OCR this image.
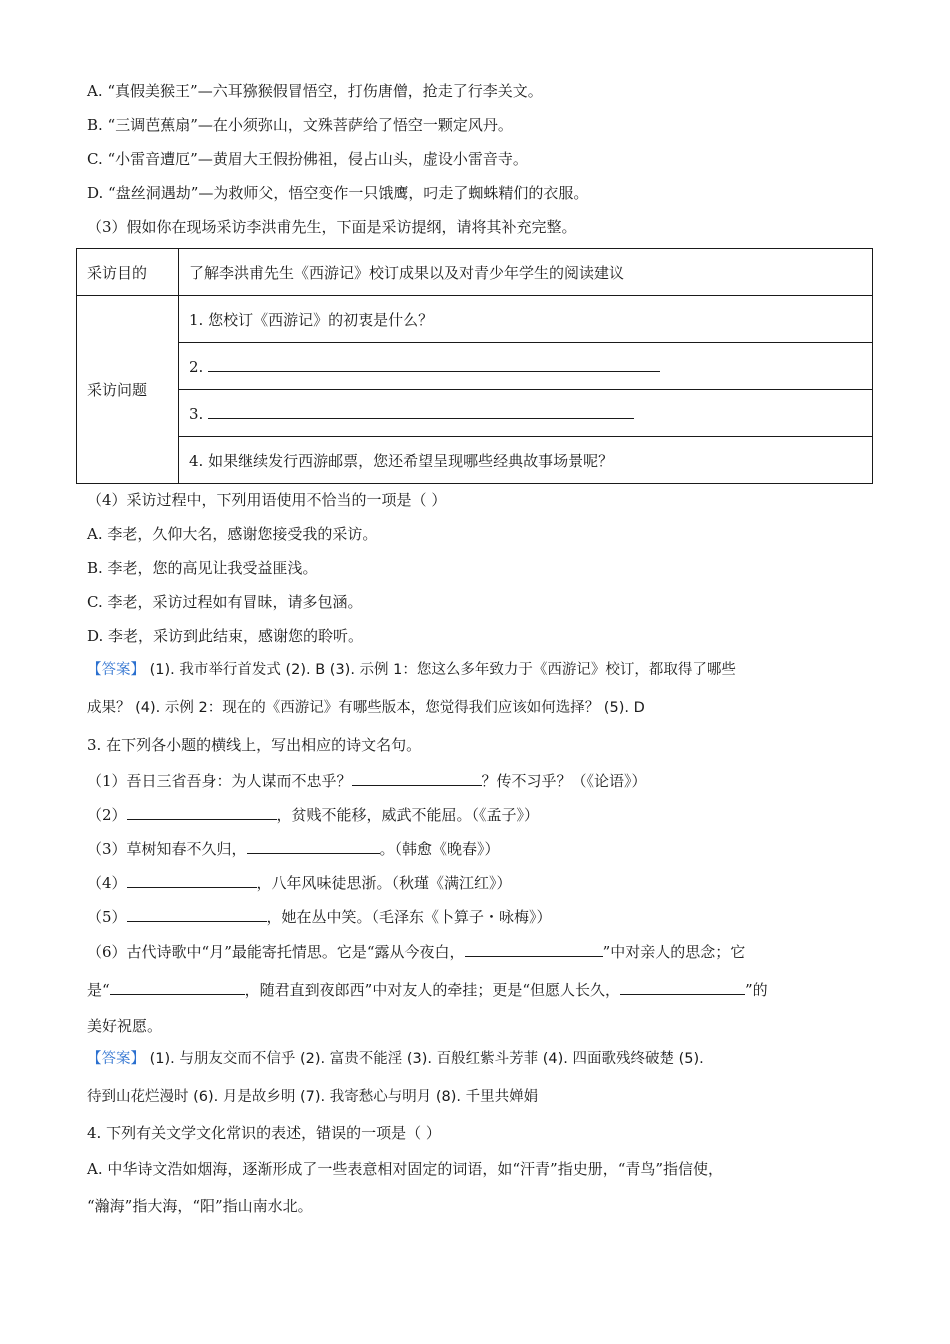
A. “真假美猴王”—六耳猕猴假冒悟空，打伤唐僧，抢走了行李关文。
B. “三调芭蕉扇”—在小须弥山，文殊菩萨给了悟空一颗定风丹。
C. “小雷音遭厄”—黄眉大王假扮佛祖，侵占山头，虚设小雷音寺。
D. “盘丝洞遇劫”—为救师父，悟空变作一只饿鹰，叼走了蜘蛛精们的衣服。
（3）假如你在现场采访李洪甫先生，下面是采访提纲，请将其补充完整。
采访目的	了解李洪甫先生《西游记》校订成果以及对青少年学生的阅读建议
采访问题	1. 您校订《西游记》的初衷是什么？
	2.
	3.
	4. 如果继续发行西游邮票，您还希望呈现哪些经典故事场景呢？
（4）采访过程中，下列用语使用不恰当的一项是（ ）
A. 李老，久仰大名，感谢您接受我的采访。
B. 李老，您的高见让我受益匪浅。
C. 李老，采访过程如有冒昧，请多包涵。
D. 李老，采访到此结束，感谢您的聆听。
【答案】 (1). 我市举行首发式 (2). B (3). 示例 1：您这么多年致力于《西游记》校订，都取得了哪些
成果？ (4). 示例 2：现在的《西游记》有哪些版本，您觉得我们应该如何选择？ (5). D
3. 在下列各小题的横线上，写出相应的诗文名句。
（1）吾日三省吾身：为人谋而不忠乎？	？传不习乎？（《论语》）
（2）	，贫贱不能移，威武不能屈。（《孟子》）
（3）草树知春不久归，	。（韩愈《晚春》）
（4）	，八年风味徒思浙。（秋瑾《满江红》）
（5）	，她在丛中笑。（毛泽东《卜算子・咏梅》）
（6）古代诗歌中“月”最能寄托情思。它是“露从今夜白，	”中对亲人的思念；它
是“	，随君直到夜郎西”中对友人的牵挂；更是“但愿人长久，	”的
美好祝愿。
【答案】 (1). 与朋友交而不信乎 (2). 富贵不能淫 (3). 百般红紫斗芳菲 (4). 四面歌残终破楚 (5).
待到山花烂漫时 (6). 月是故乡明 (7). 我寄愁心与明月 (8). 千里共婵娟
4. 下列有关文学文化常识的表述，错误的一项是（ ）
A. 中华诗文浩如烟海，逐渐形成了一些表意相对固定的词语，如“汗青”指史册，“青鸟”指信使，
“瀚海”指大海，“阳”指山南水北。
